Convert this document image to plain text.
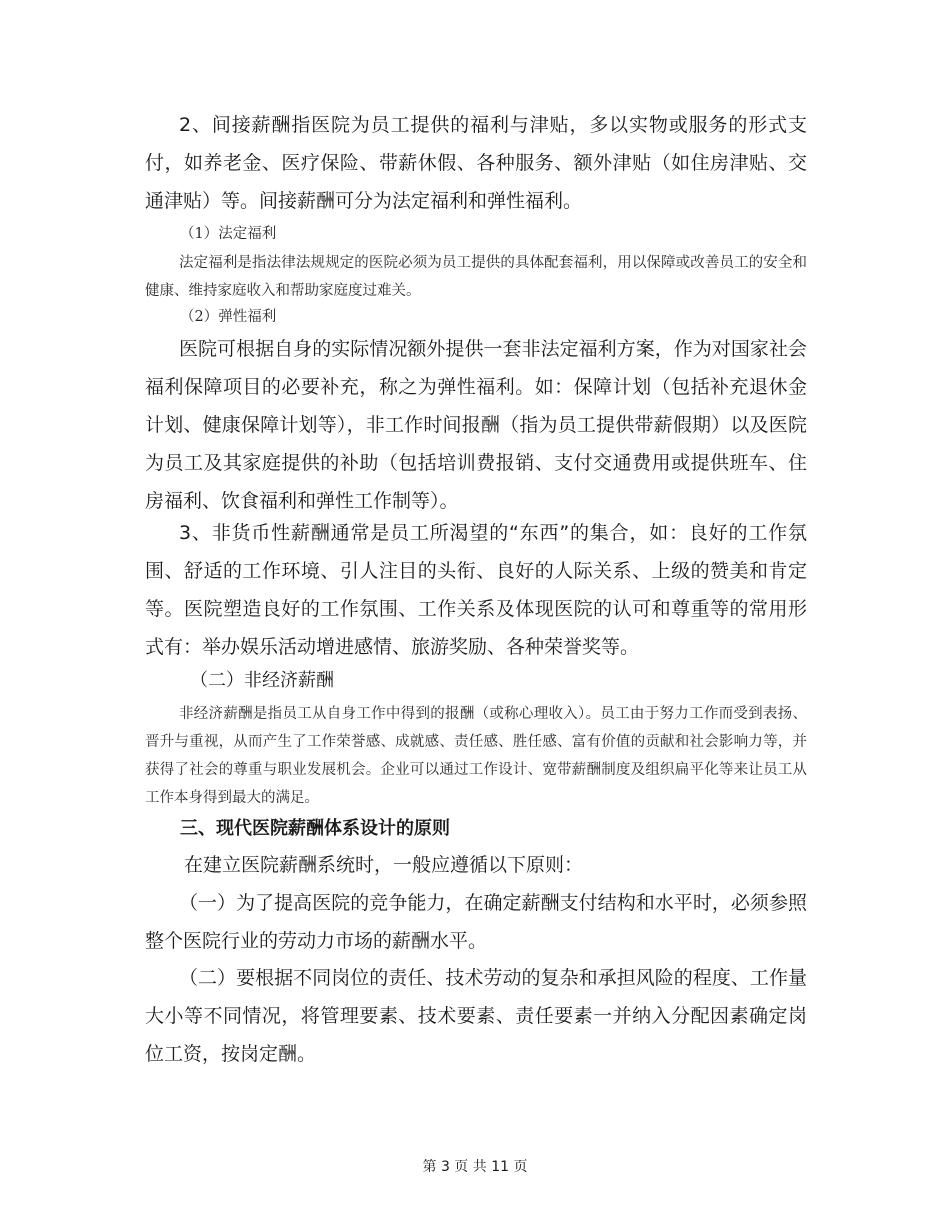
2、间接薪酬指医院为员工提供的福利与津贴，多以实物或服务的形式支付，如养老金、医疗保险、带薪休假、各种服务、额外津贴（如住房津贴、交通津贴）等。间接薪酬可分为法定福利和弹性福利。

（1）法定福利

法定福利是指法律法规规定的医院必须为员工提供的具体配套福利，用以保障或改善员工的安全和健康、维持家庭收入和帮助家庭度过难关。

（2）弹性福利

医院可根据自身的实际情况额外提供一套非法定福利方案，作为对国家社会福利保障项目的必要补充，称之为弹性福利。如：保障计划（包括补充退休金计划、健康保障计划等），非工作时间报酬（指为员工提供带薪假期）以及医院为员工及其家庭提供的补助（包括培训费报销、支付交通费用或提供班车、住房福利、饮食福利和弹性工作制等）。

3、非货币性薪酬通常是员工所渴望的“东西”的集合，如：良好的工作氛围、舒适的工作环境、引人注目的头衔、良好的人际关系、上级的赞美和肯定等。医院塑造良好的工作氛围、工作关系及体现医院的认可和尊重等的常用形式有：举办娱乐活动增进感情、旅游奖励、各种荣誉奖等。

（二）非经济薪酬

非经济薪酬是指员工从自身工作中得到的报酬（或称心理收入）。员工由于努力工作而受到表扬、晋升与重视，从而产生了工作荣誉感、成就感、责任感、胜任感、富有价值的贡献和社会影响力等，并获得了社会的尊重与职业发展机会。企业可以通过工作设计、宽带薪酬制度及组织扁平化等来让员工从工作本身得到最大的满足。

三、现代医院薪酬体系设计的原则

在建立医院薪酬系统时，一般应遵循以下原则：

（一）为了提高医院的竞争能力，在确定薪酬支付结构和水平时，必须参照整个医院行业的劳动力市场的薪酬水平。

（二）要根据不同岗位的责任、技术劳动的复杂和承担风险的程度、工作量大小等不同情况，将管理要素、技术要素、责任要素一并纳入分配因素确定岗位工资，按岗定酬。

第 3 页 共 11 页
